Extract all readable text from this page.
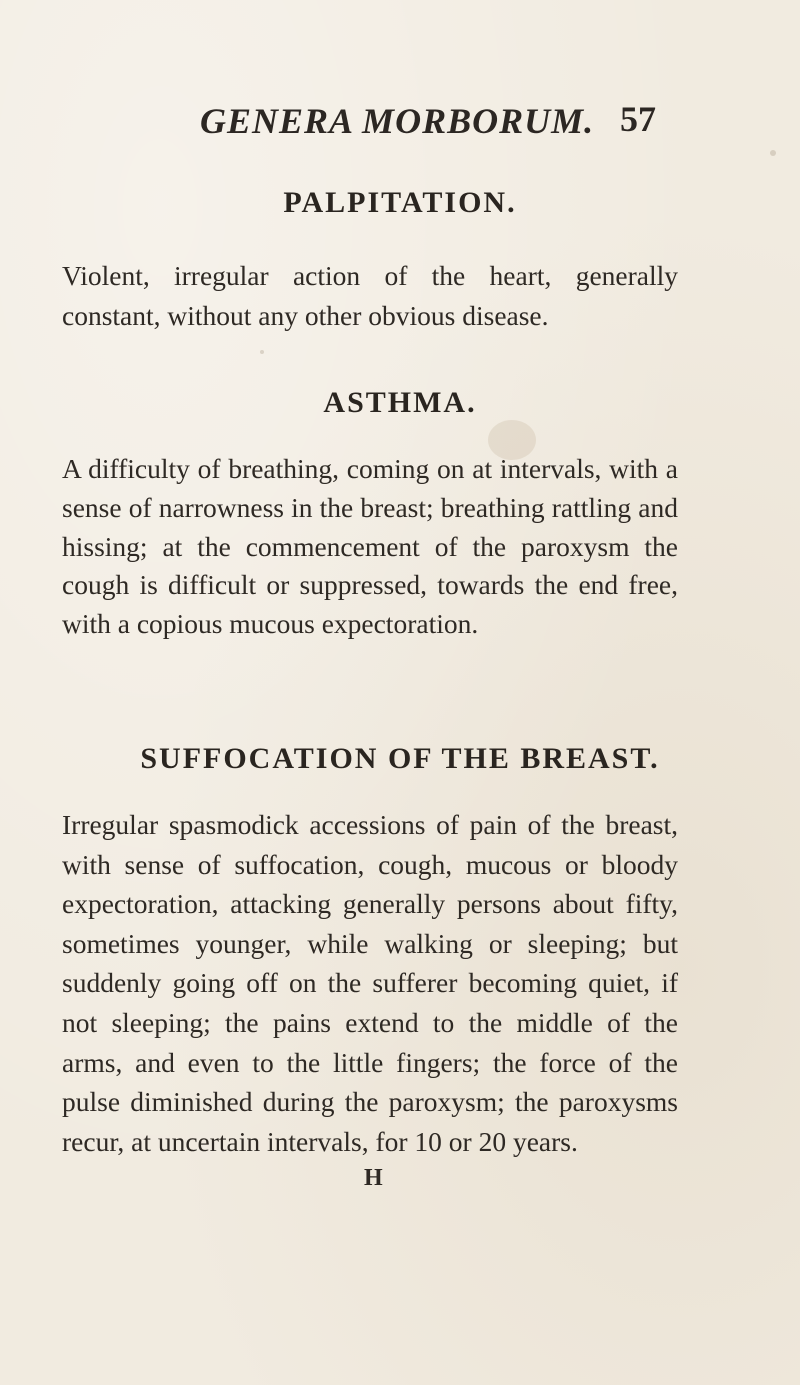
GENERA MORBORUM. 57
PALPITATION.

Violent, irregular action of the heart, generally constant, without any other obvious disease.

ASTHMA.

A difficulty of breathing, coming on at intervals, with a sense of narrowness in the breast; breathing rattling and hissing; at the commencement of the paroxysm the cough is difficult or suppressed, towards the end free, with a copious mucous expectoration.

SUFFOCATION OF THE BREAST.

Irregular spasmodick accessions of pain of the breast, with sense of suffocation, cough, mucous or bloody expectoration, attacking generally persons about fifty, sometimes younger, while walking or sleeping; but suddenly going off on the sufferer becoming quiet, if not sleeping; the pains extend to the middle of the arms, and even to the little fingers; the force of the pulse diminished during the paroxysm; the paroxysms recur, at uncertain intervals, for 10 or 20 years.

H
